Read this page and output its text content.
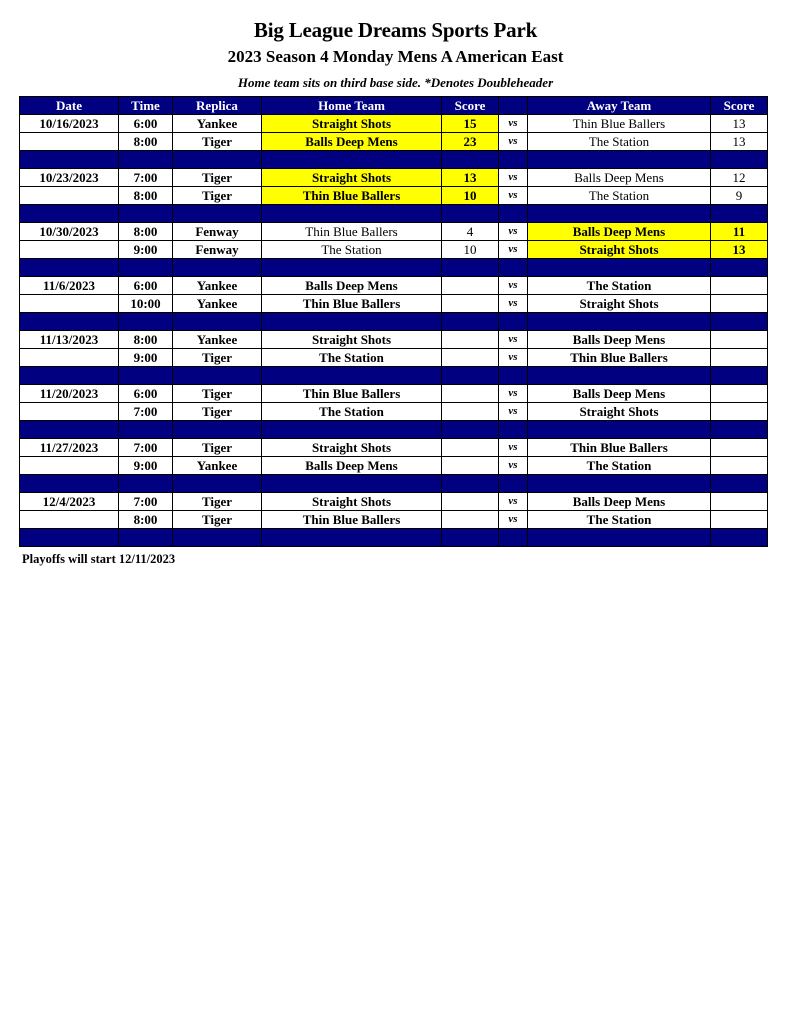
Big League Dreams Sports Park
2023 Season 4 Monday Mens A American East
Home team sits on third base side. *Denotes Doubleheader
Date	Time	Replica	Home Team	Score		Away Team	Score
10/16/2023	6:00	Yankee	Straight Shots	15	vs	Thin Blue Ballers	13
	8:00	Tiger	Balls Deep Mens	23	vs	The Station	13

10/23/2023	7:00	Tiger	Straight Shots	13	vs	Balls Deep Mens	12
	8:00	Tiger	Thin Blue Ballers	10	vs	The Station	9

10/30/2023	8:00	Fenway	Thin Blue Ballers	4	vs	Balls Deep Mens	11
	9:00	Fenway	The Station	10	vs	Straight Shots	13

11/6/2023	6:00	Yankee	Balls Deep Mens		vs	The Station	
	10:00	Yankee	Thin Blue Ballers		vs	Straight Shots	

11/13/2023	8:00	Yankee	Straight Shots		vs	Balls Deep Mens	
	9:00	Tiger	The Station		vs	Thin Blue Ballers	

11/20/2023	6:00	Tiger	Thin Blue Ballers		vs	Balls Deep Mens	
	7:00	Tiger	The Station		vs	Straight Shots	

11/27/2023	7:00	Tiger	Straight Shots		vs	Thin Blue Ballers	
	9:00	Yankee	Balls Deep Mens		vs	The Station	

12/4/2023	7:00	Tiger	Straight Shots		vs	Balls Deep Mens	
	8:00	Tiger	Thin Blue Ballers		vs	The Station	

Playoffs will start 12/11/2023
